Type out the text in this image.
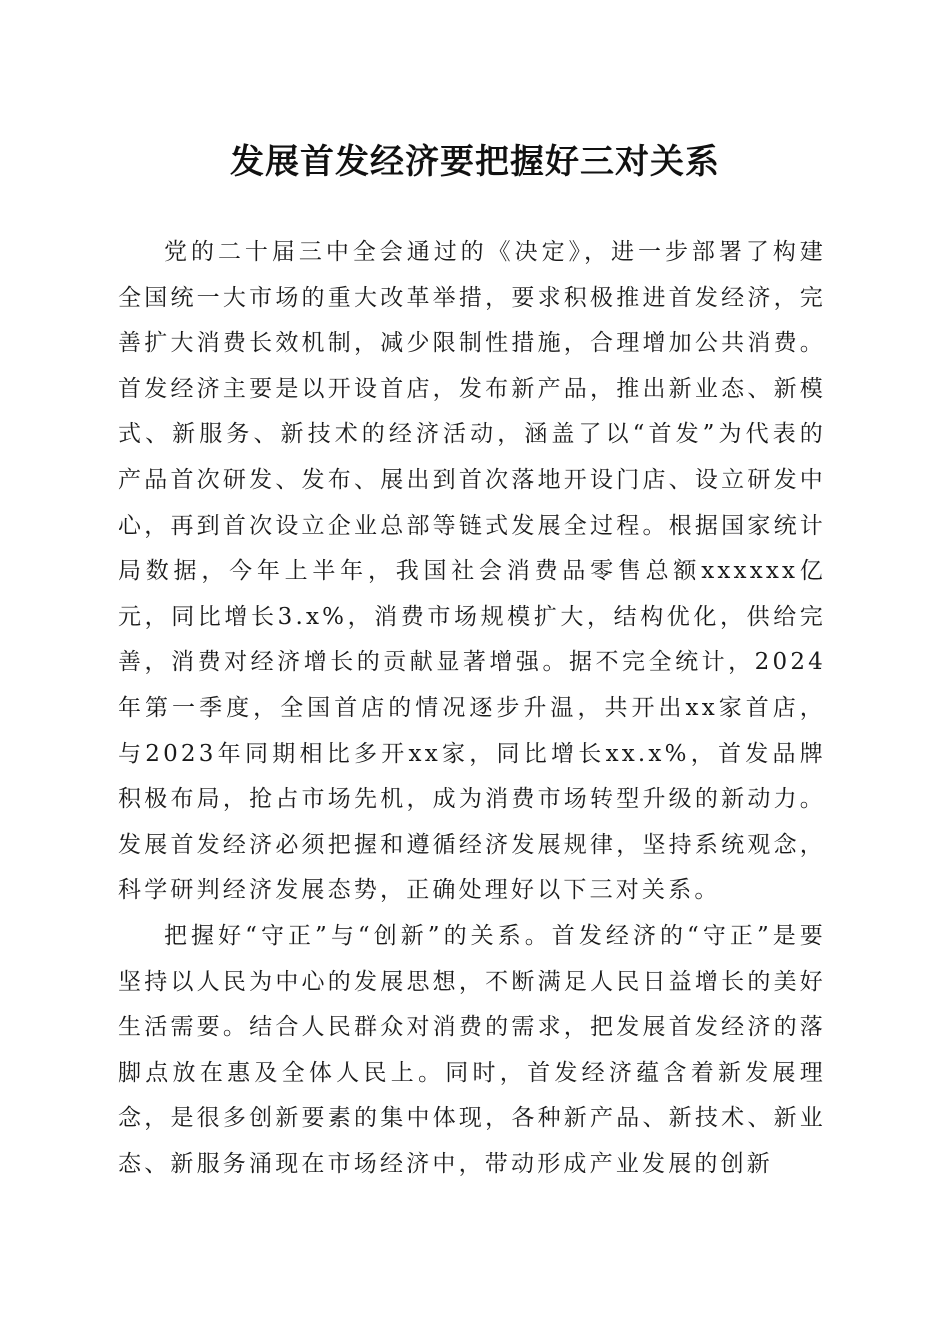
发展首发经济要把握好三对关系

党的二十届三中全会通过的《决定》，进一步部署了构建全国统一大市场的重大改革举措，要求积极推进首发经济，完善扩大消费长效机制，减少限制性措施，合理增加公共消费。首发经济主要是以开设首店，发布新产品，推出新业态、新模式、新服务、新技术的经济活动，涵盖了以“首发”为代表的产品首次研发、发布、展出到首次落地开设门店、设立研发中心，再到首次设立企业总部等链式发展全过程。根据国家统计局数据，今年上半年，我国社会消费品零售总额xxxxxx亿元，同比增长3.x%，消费市场规模扩大，结构优化，供给完善，消费对经济增长的贡献显著增强。据不完全统计，2024年第一季度，全国首店的情况逐步升温，共开出xx家首店，与2023年同期相比多开xx家，同比增长xx.x%，首发品牌积极布局，抢占市场先机，成为消费市场转型升级的新动力。发展首发经济必须把握和遵循经济发展规律，坚持系统观念，科学研判经济发展态势，正确处理好以下三对关系。

把握好“守正”与“创新”的关系。首发经济的“守正”是要坚持以人民为中心的发展思想，不断满足人民日益增长的美好生活需要。结合人民群众对消费的需求，把发展首发经济的落脚点放在惠及全体人民上。同时，首发经济蕴含着新发展理念，是很多创新要素的集中体现，各种新产品、新技术、新业态、新服务涌现在市场经济中，带动形成产业发展的创新
